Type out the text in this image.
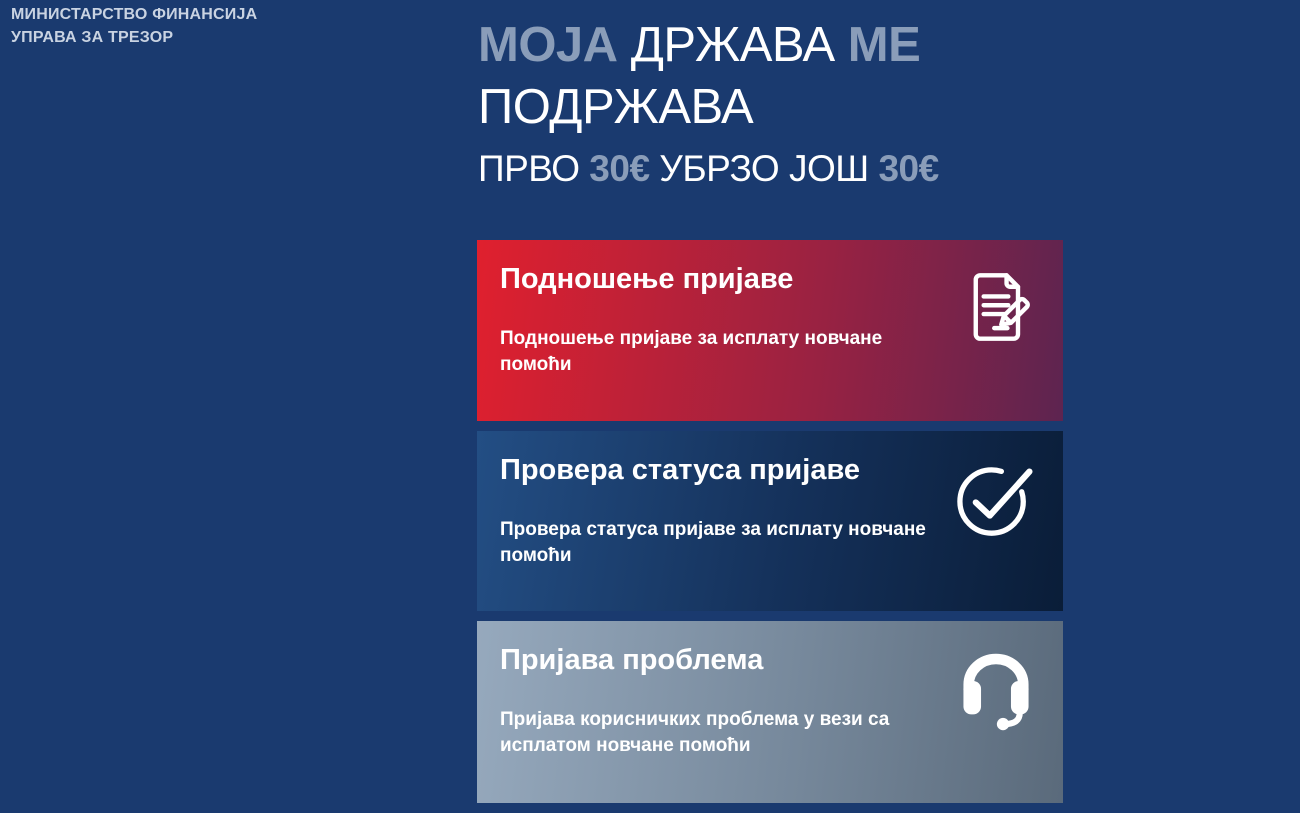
МИНИСТАРСТВО ФИНАНСИЈА
УПРАВА ЗА ТРЕЗОР	МОЈА ДРЖАВА МЕ
ПОДРЖАВА
ПРВО 30€ УБРЗО ЈОШ 30€
Подношење пријаве
Подношење пријаве за исплату новчане помоћи
Провера статуса пријаве
Провера статуса пријаве за исплату новчане помоћи
Пријава проблема
Пријава корисничких проблема у вези са исплатом новчане помоћи
